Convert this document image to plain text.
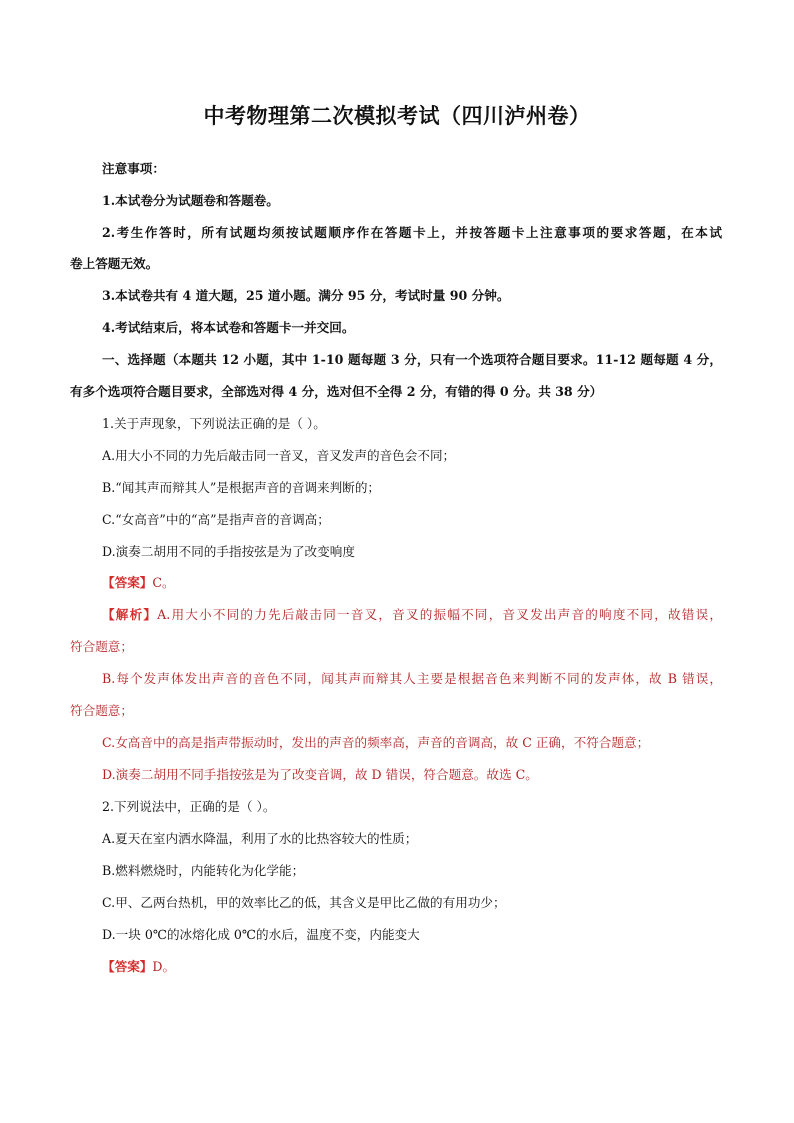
中考物理第二次模拟考试（四川泸州卷）
注意事项：
1.本试卷分为试题卷和答题卷。
2.考生作答时，所有试题均须按试题顺序作在答题卡上，并按答题卡上注意事项的要求答题，在本试
卷上答题无效。
3.本试卷共有 4 道大题，25 道小题。满分 95 分，考试时量 90 分钟。
4.考试结束后，将本试卷和答题卡一并交回。
一、选择题（本题共 12 小题，其中 1-10 题每题 3 分，只有一个选项符合题目要求。11-12 题每题 4 分，
有多个选项符合题目要求，全部选对得 4 分，选对但不全得 2 分，有错的得 0 分。共 38 分）
1.关于声现象，下列说法正确的是（ ）。
A.用大小不同的力先后敲击同一音叉，音叉发声的音色会不同；
B.“闻其声而辩其人”是根据声音的音调来判断的；
C.“女高音”中的“高”是指声音的音调高；
D.演奏二胡用不同的手指按弦是为了改变响度
【答案】C。
【解析】A.用大小不同的力先后敲击同一音叉，音叉的振幅不同，音叉发出声音的响度不同，故错误，
符合题意；
B.每个发声体发出声音的音色不同，闻其声而辩其人主要是根据音色来判断不同的发声体，故 B 错误，
符合题意；
C.女高音中的高是指声带振动时，发出的声音的频率高，声音的音调高，故 C 正确，不符合题意；
D.演奏二胡用不同手指按弦是为了改变音调，故 D 错误，符合题意。故选 C。
2.下列说法中，正确的是（ ）。
A.夏天在室内洒水降温，利用了水的比热容较大的性质；
B.燃料燃烧时，内能转化为化学能；
C.甲、乙两台热机，甲的效率比乙的低，其含义是甲比乙做的有用功少；
D.一块 0℃的冰熔化成 0℃的水后，温度不变，内能变大
【答案】D。
